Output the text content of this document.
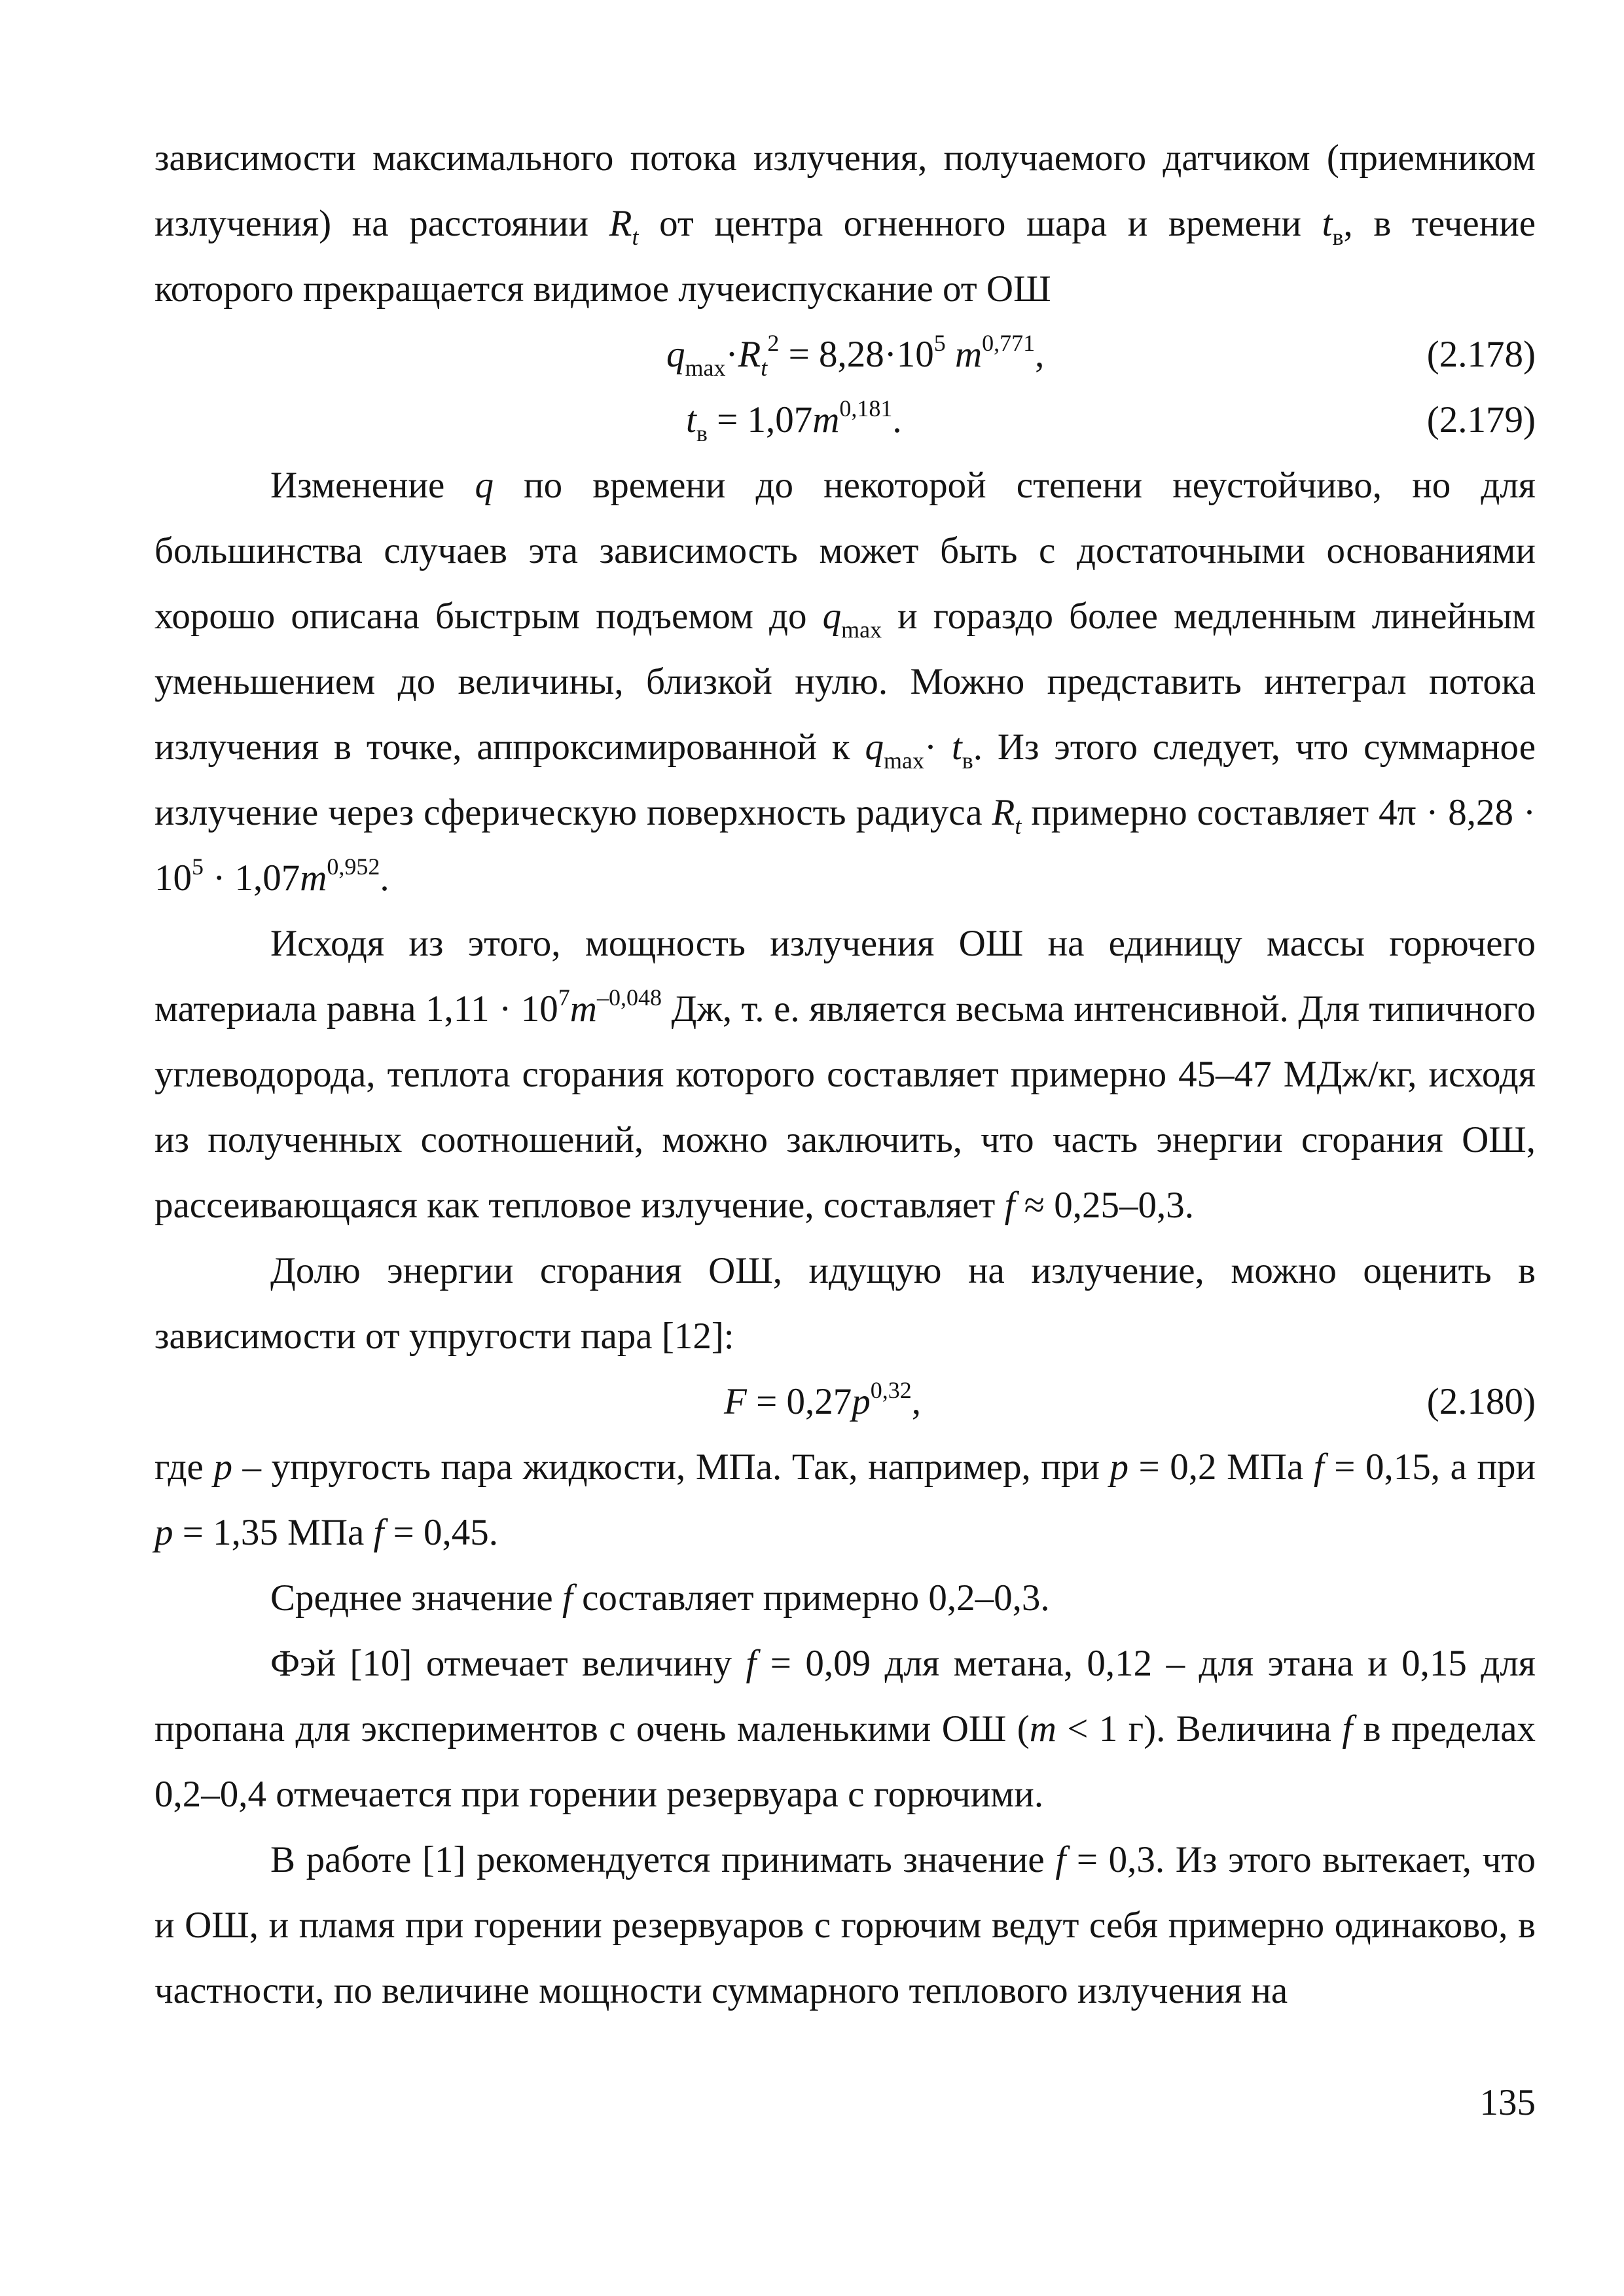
зависимости максимального потока излучения, получаемого датчиком (приемником излучения) на расстоянии $R_t$ от центра огненного шара и времени $t_в$, в течение которого прекращается видимое лучеиспускание от ОШ

$q_{max}\cdot R_t^2 = 8,28\cdot 10^5$ $m^{0,771}$,	(2.178)
$t_в = 1,07m^{0,181}$.	(2.179)

Изменение q по времени до некоторой степени неустойчиво, но для большинства случаев эта зависимость может быть с достаточными основаниями хорошо описана быстрым подъемом до $q_{max}$ и гораздо более медленным линейным уменьшением до величины, близкой нулю. Можно представить интеграл потока излучения в точке, аппроксимированной к $q_{max}\cdot t_в$. Из этого следует, что суммарное излучение через сферическую поверхность радиуса $R_t$ примерно составляет $4\pi \cdot 8,28 \cdot 10^5 \cdot 1,07m^{0,952}$.

Исходя из этого, мощность излучения ОШ на единицу массы горючего материала равна $1,11 \cdot 10^7m^{-0,048}$ Дж, т. е. является весьма интенсивной. Для типичного углеводорода, теплота сгорания которого составляет примерно 45–47 МДж/кг, исходя из полученных соотношений, можно заключить, что часть энергии сгорания ОШ, рассеивающаяся как тепловое излучение, составляет f ≈ 0,25–0,3.

Долю энергии сгорания ОШ, идущую на излучение, можно оценить в зависимости от упругости пара [12]:

$F = 0,27p^{0,32}$,	(2.180)

где p – упругость пара жидкости, МПа. Так, например, при p = 0,2 МПа f = 0,15, а при p = 1,35 МПа f = 0,45.

Среднее значение f составляет примерно 0,2–0,3.

Фэй [10] отмечает величину f = 0,09 для метана, 0,12 – для этана и 0,15 для пропана для экспериментов с очень маленькими ОШ (m < 1 г). Величина f в пределах 0,2–0,4 отмечается при горении резервуара с горючими.

В работе [1] рекомендуется принимать значение f = 0,3. Из этого вытекает, что и ОШ, и пламя при горении резервуаров с горючим ведут себя примерно одинаково, в частности, по величине мощности суммарного теплового излучения на

135
